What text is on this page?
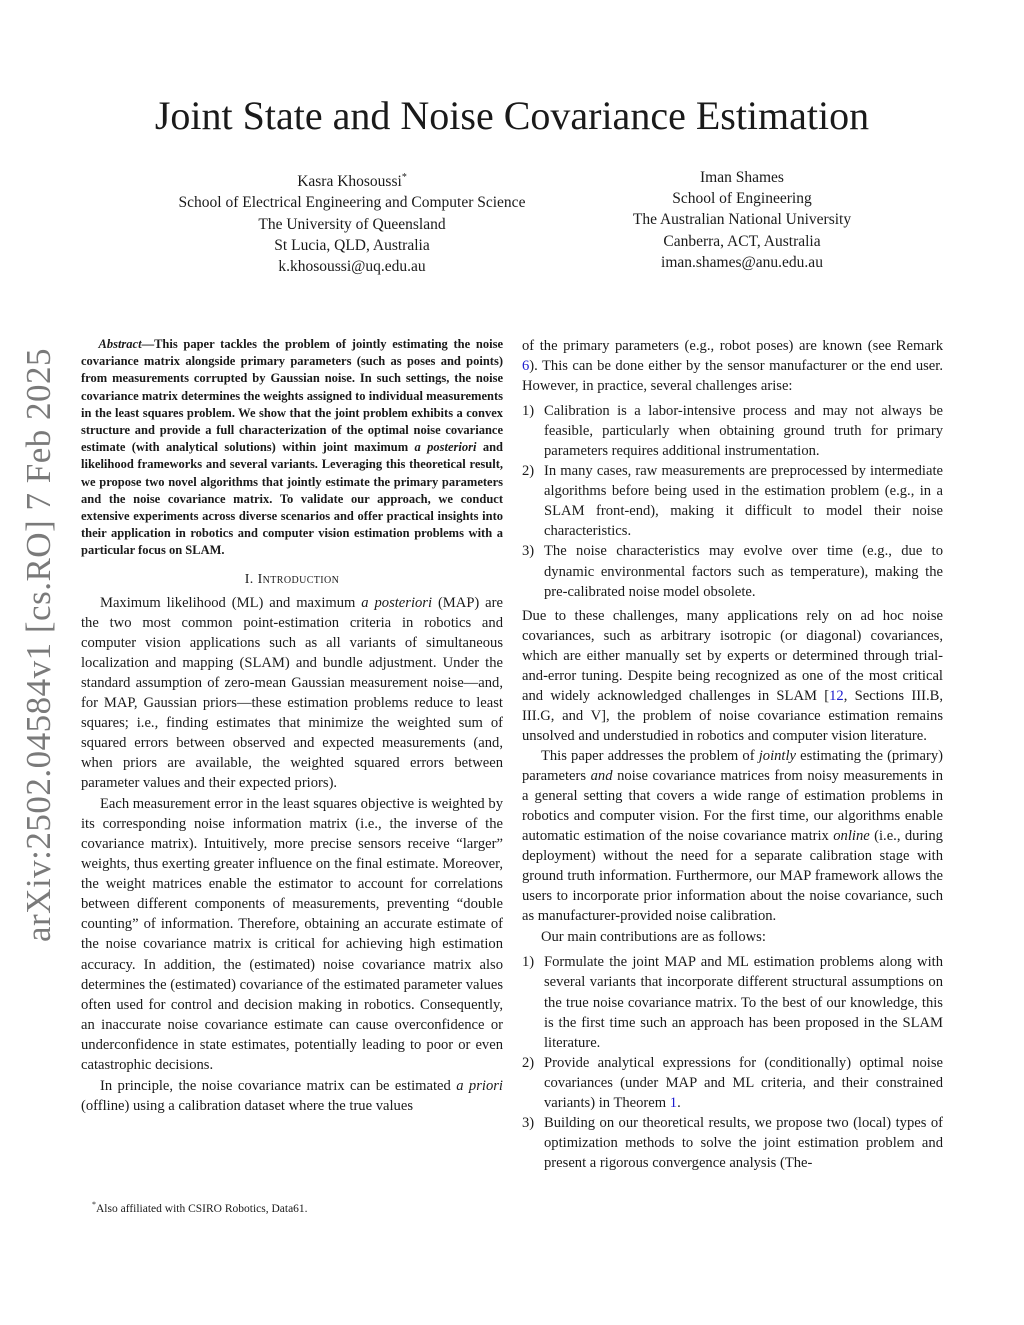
arXiv:2502.04584v1 [cs.RO] 7 Feb 2025
Joint State and Noise Covariance Estimation
Kasra Khosoussi*
School of Electrical Engineering and Computer Science
The University of Queensland
St Lucia, QLD, Australia
k.khosoussi@uq.edu.au
Iman Shames
School of Engineering
The Australian National University
Canberra, ACT, Australia
iman.shames@anu.edu.au

Abstract—This paper tackles the problem of jointly estimating the noise covariance matrix alongside primary parameters (such as poses and points) from measurements corrupted by Gaussian noise. In such settings, the noise covariance matrix determines the weights assigned to individual measurements in the least squares problem. We show that the joint problem exhibits a convex structure and provide a full characterization of the optimal noise covariance estimate (with analytical solutions) within joint maximum a posteriori and likelihood frameworks and several variants. Leveraging this theoretical result, we propose two novel algorithms that jointly estimate the primary parameters and the noise covariance matrix. To validate our approach, we conduct extensive experiments across diverse scenarios and offer practical insights into their application in robotics and computer vision estimation problems with a particular focus on SLAM.

I. Introduction

Maximum likelihood (ML) and maximum a posteriori (MAP) are the two most common point-estimation criteria in robotics and computer vision applications such as all variants of simultaneous localization and mapping (SLAM) and bundle adjustment. Under the standard assumption of zero-mean Gaussian measurement noise—and, for MAP, Gaussian priors—these estimation problems reduce to least squares; i.e., finding estimates that minimize the weighted sum of squared errors between observed and expected measurements (and, when priors are available, the weighted squared errors between parameter values and their expected priors).

Each measurement error in the least squares objective is weighted by its corresponding noise information matrix (i.e., the inverse of the covariance matrix). Intuitively, more precise sensors receive “larger” weights, thus exerting greater influence on the final estimate. Moreover, the weight matrices enable the estimator to account for correlations between different components of measurements, preventing “double counting” of information. Therefore, obtaining an accurate estimate of the noise covariance matrix is critical for achieving high estimation accuracy. In addition, the (estimated) noise covariance matrix also determines the (estimated) covariance of the estimated parameter values often used for control and decision making in robotics. Consequently, an inaccurate noise covariance estimate can cause overconfidence or underconfidence in state estimates, potentially leading to poor or even catastrophic decisions.

In principle, the noise covariance matrix can be estimated a priori (offline) using a calibration dataset where the true values

*Also affiliated with CSIRO Robotics, Data61.

of the primary parameters (e.g., robot poses) are known (see Remark 6). This can be done either by the sensor manufacturer or the end user. However, in practice, several challenges arise:

1) Calibration is a labor-intensive process and may not always be feasible, particularly when obtaining ground truth for primary parameters requires additional instrumentation.
2) In many cases, raw measurements are preprocessed by intermediate algorithms before being used in the estimation problem (e.g., in a SLAM front-end), making it difficult to model their noise characteristics.
3) The noise characteristics may evolve over time (e.g., due to dynamic environmental factors such as temperature), making the pre-calibrated noise model obsolete.

Due to these challenges, many applications rely on ad hoc noise covariances, such as arbitrary isotropic (or diagonal) covariances, which are either manually set by experts or determined through trial-and-error tuning. Despite being recognized as one of the most critical and widely acknowledged challenges in SLAM [12, Sections III.B, III.G, and V], the problem of noise covariance estimation remains unsolved and understudied in robotics and computer vision literature.

This paper addresses the problem of jointly estimating the (primary) parameters and noise covariance matrices from noisy measurements in a general setting that covers a wide range of estimation problems in robotics and computer vision. For the first time, our algorithms enable automatic estimation of the noise covariance matrix online (i.e., during deployment) without the need for a separate calibration stage with ground truth information. Furthermore, our MAP framework allows the users to incorporate prior information about the noise covariance, such as manufacturer-provided noise calibration.

Our main contributions are as follows:

1) Formulate the joint MAP and ML estimation problems along with several variants that incorporate different structural assumptions on the true noise covariance matrix. To the best of our knowledge, this is the first time such an approach has been proposed in the SLAM literature.
2) Provide analytical expressions for (conditionally) optimal noise covariances (under MAP and ML criteria, and their constrained variants) in Theorem 1.
3) Building on our theoretical results, we propose two (local) types of optimization methods to solve the joint estimation problem and present a rigorous convergence analysis (The-
